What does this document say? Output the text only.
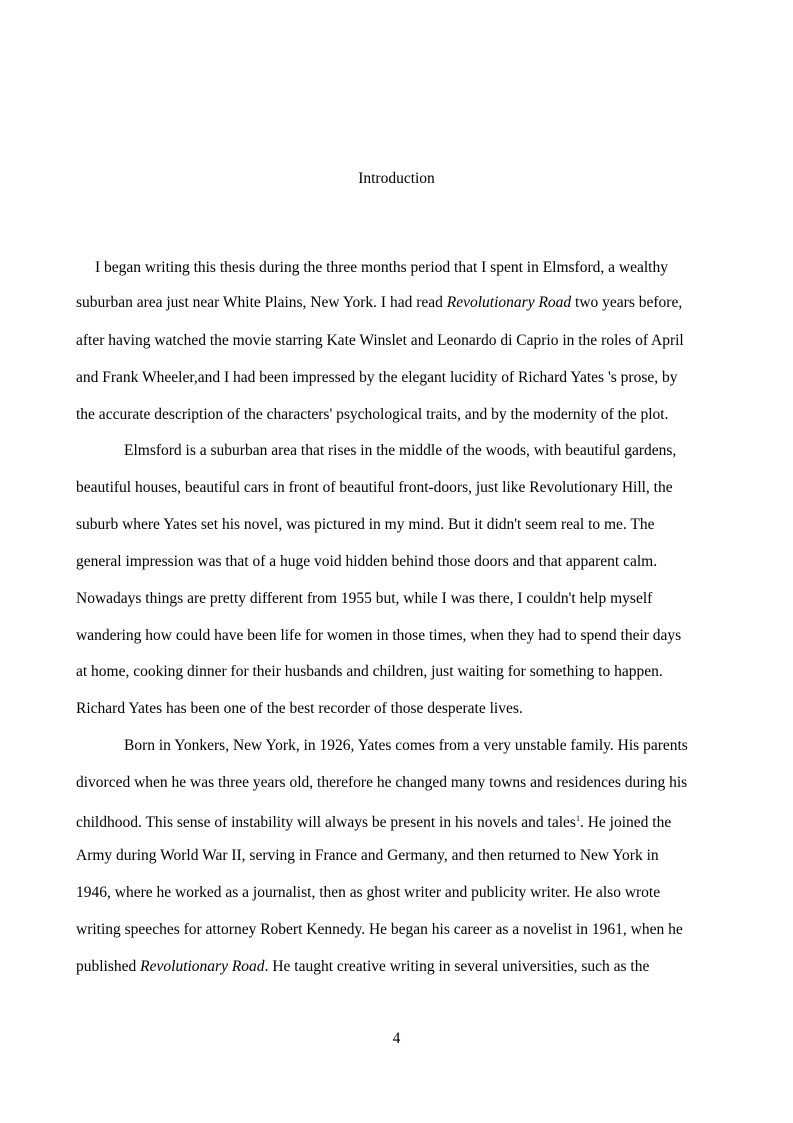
Introduction

I began writing this thesis during the three months period that I spent in Elmsford, a wealthy

suburban area just near White Plains, New York. I had read Revolutionary Road two years before,

after having watched the movie starring Kate Winslet and Leonardo di Caprio in the roles of April

and Frank Wheeler,and I had been impressed by the elegant lucidity of Richard Yates 's prose, by

the accurate description of the characters' psychological traits, and by the modernity of the plot.

Elmsford is a suburban area that rises in the middle of the woods, with beautiful gardens,

beautiful houses, beautiful cars in front of beautiful front-doors, just like Revolutionary Hill, the

suburb where Yates set his novel, was pictured in my mind. But it didn't seem real to me. The

general impression was that of a huge void hidden behind those doors and that apparent calm.

Nowadays things are pretty different from 1955 but, while I was there, I couldn't help myself

wandering how could have been life for women in those times, when they had to spend their days

at home, cooking dinner for their husbands and children, just waiting for something to happen.

Richard Yates has been one of the best recorder of those desperate lives.

Born in Yonkers, New York, in 1926, Yates comes from a very unstable family. His parents

divorced when he was three years old, therefore he changed many towns and residences during his

childhood. This sense of instability will always be present in his novels and tales$^1$. He joined the

Army during World War II, serving in France and Germany, and then returned to New York in

1946, where he worked as a journalist, then as ghost writer and publicity writer. He also wrote

writing speeches for attorney Robert Kennedy. He began his career as a novelist in 1961, when he

published Revolutionary Road. He taught creative writing in several universities, such as the

4
